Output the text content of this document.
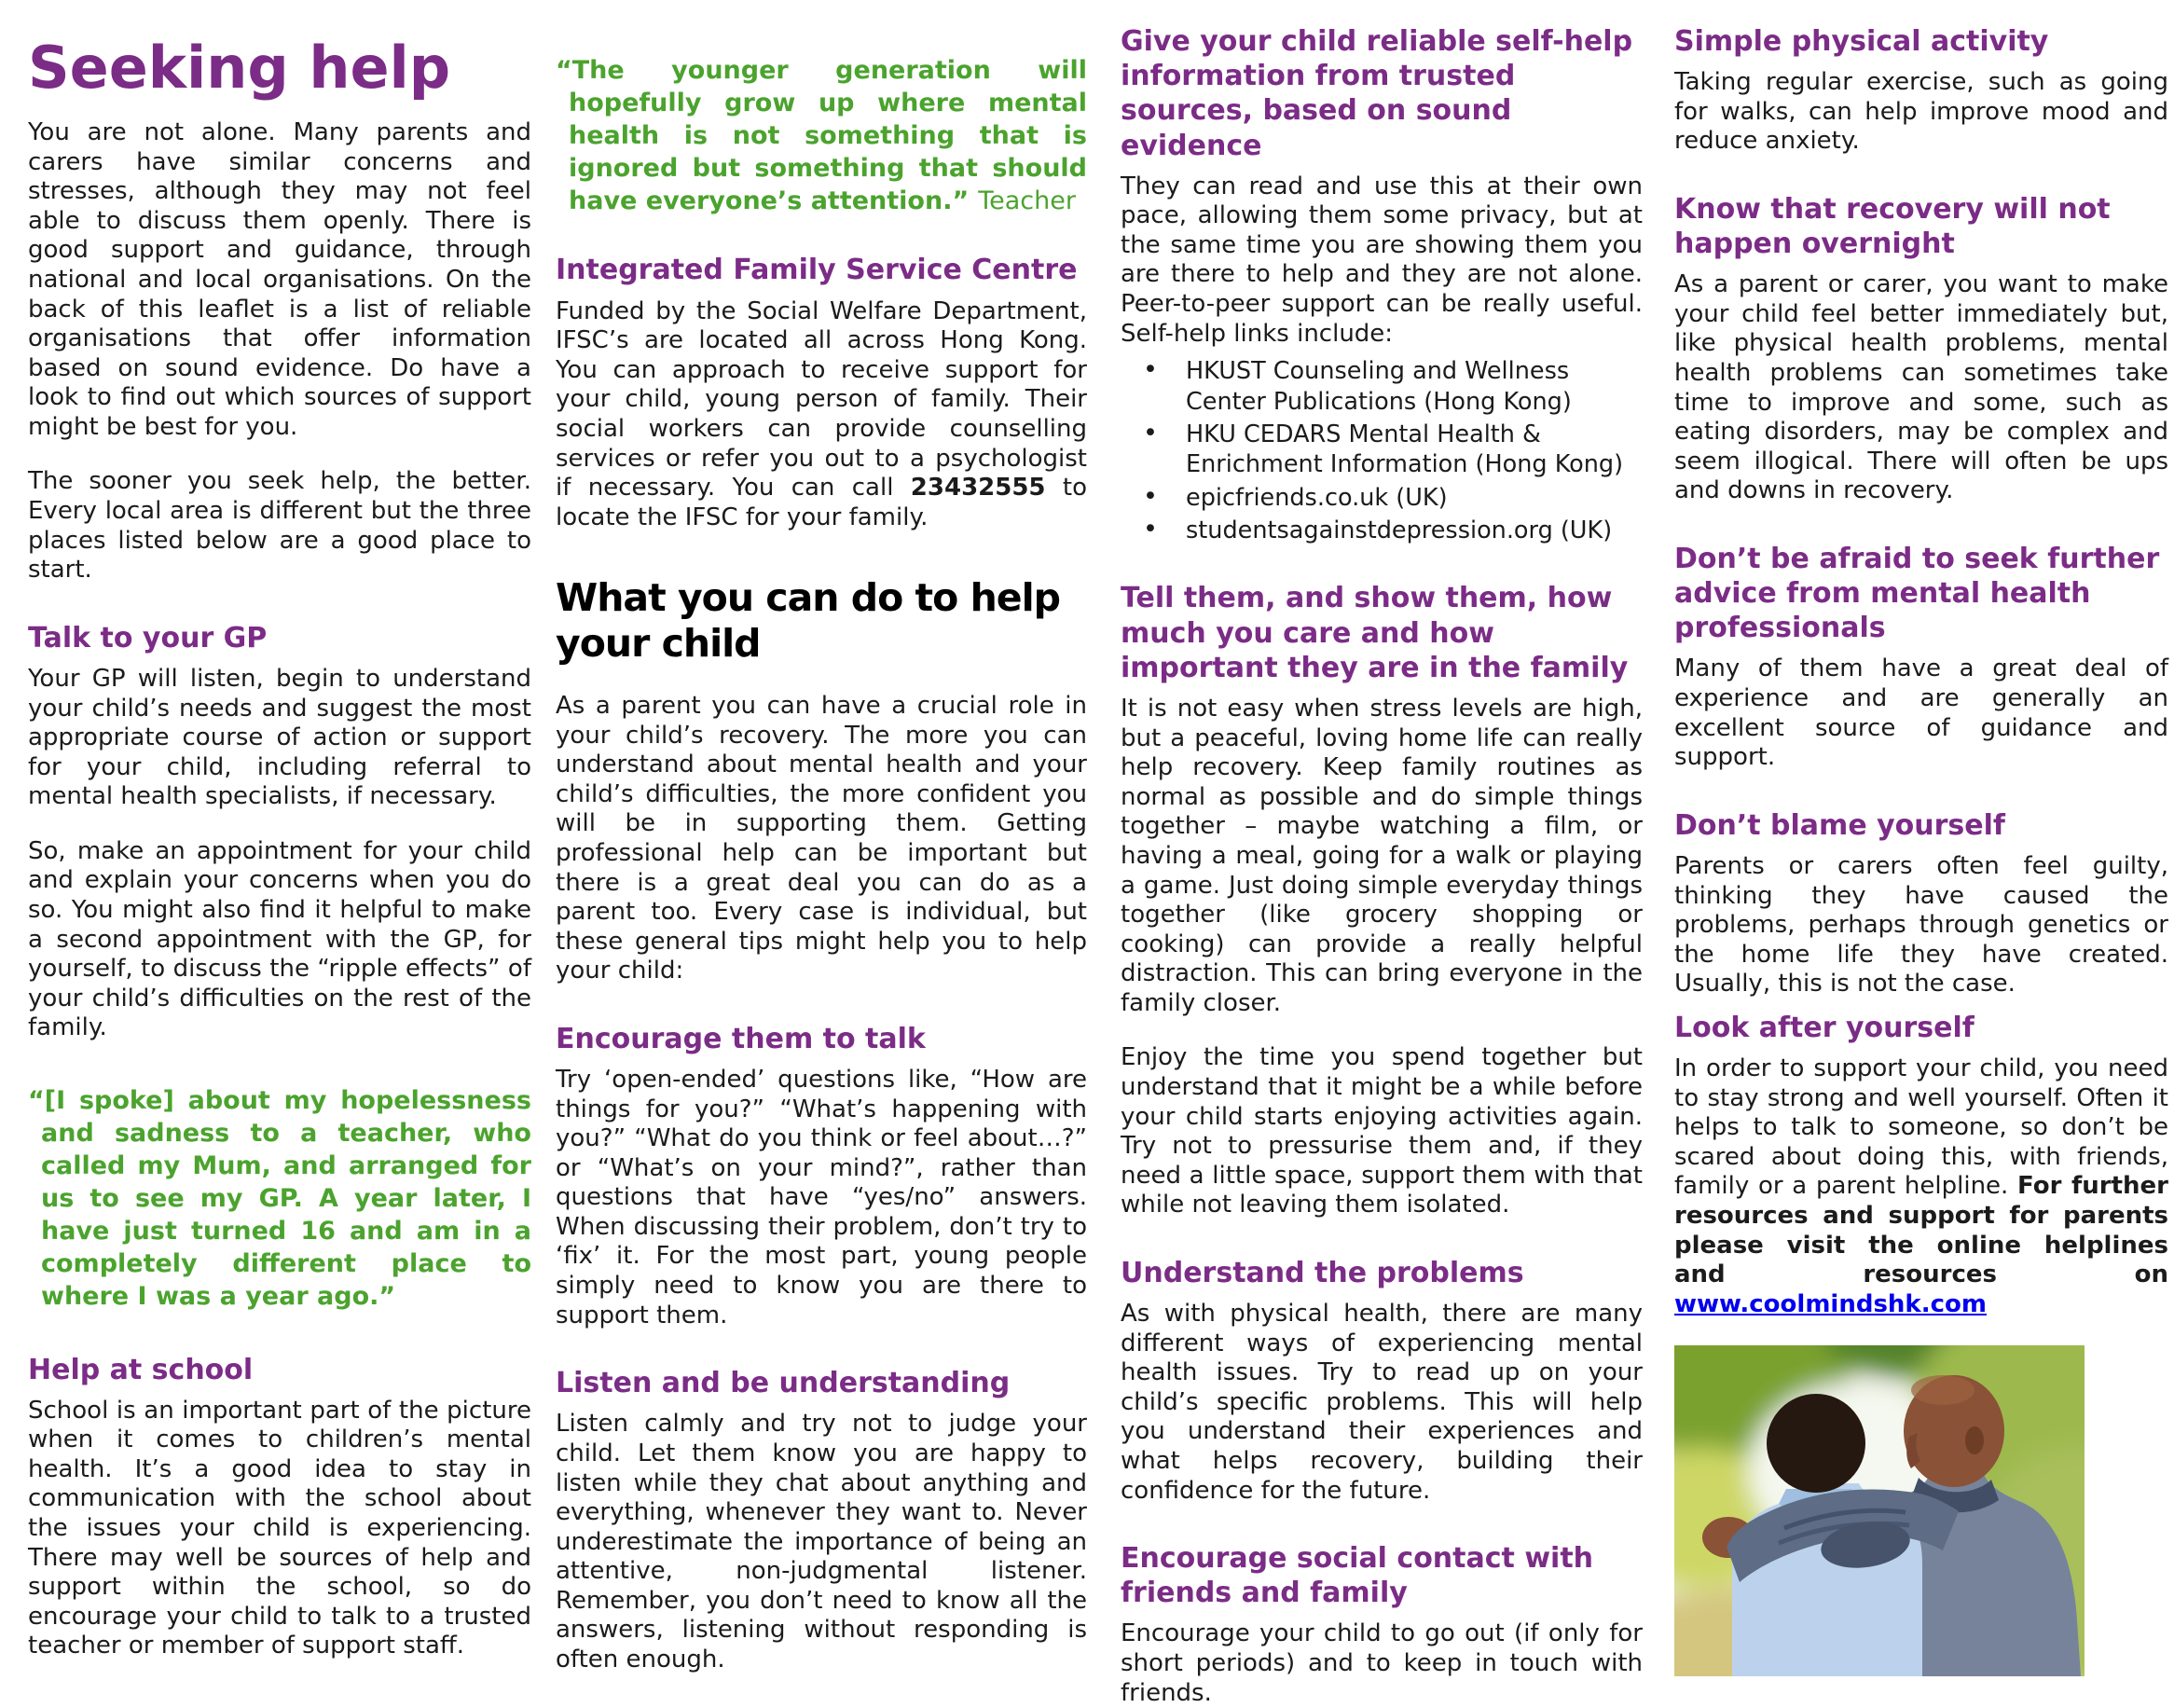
Seeking help

You are not alone. Many parents and carers have similar concerns and stresses, although they may not feel able to discuss them openly. There is good support and guidance, through national and local organisations. On the back of this leaflet is a list of reliable organisations that offer information based on sound evidence. Do have a look to find out which sources of support might be best for you.

The sooner you seek help, the better. Every local area is different but the three places listed below are a good place to start.

Talk to your GP

Your GP will listen, begin to understand your child’s needs and suggest the most appropriate course of action or support for your child, including referral to mental health specialists, if necessary.

So, make an appointment for your child and explain your concerns when you do so. You might also find it helpful to make a second appointment with the GP, for yourself, to discuss the “ripple effects” of your child’s difficulties on the rest of the family.

“[I spoke] about my hopelessness and sadness to a teacher, who called my Mum, and arranged for us to see my GP. A year later, I have just turned 16 and am in a completely different place to where I was a year ago.”

Help at school

School is an important part of the picture when it comes to children’s mental health. It’s a good idea to stay in communication with the school about the issues your child is experiencing. There may well be sources of help and support within the school, so do encourage your child to talk to a trusted teacher or member of support staff.

“The younger generation will hopefully grow up where mental health is not something that is ignored but something that should have everyone’s attention.” Teacher

Integrated Family Service Centre

Funded by the Social Welfare Department, IFSC’s are located all across Hong Kong. You can approach to receive support for your child, young person of family. Their social workers can provide counselling services or refer you out to a psychologist if necessary. You can call 23432555 to locate the IFSC for your family.

What you can do to help your child

As a parent you can have a crucial role in your child’s recovery. The more you can understand about mental health and your child’s difficulties, the more confident you will be in supporting them. Getting professional help can be important but there is a great deal you can do as a parent too. Every case is individual, but these general tips might help you to help your child:

Encourage them to talk

Try ‘open-ended’ questions like, “How are things for you?” “What’s happening with you?” “What do you think or feel about…?” or “What’s on your mind?”, rather than questions that have “yes/no” answers. When discussing their problem, don’t try to ‘fix’ it. For the most part, young people simply need to know you are there to support them.

Listen and be understanding

Listen calmly and try not to judge your child. Let them know you are happy to listen while they chat about anything and everything, whenever they want to. Never underestimate the importance of being an attentive, non-judgmental listener. Remember, you don’t need to know all the answers, listening without responding is often enough.

Give your child reliable self-help information from trusted sources, based on sound evidence

They can read and use this at their own pace, allowing them some privacy, but at the same time you are showing them you are there to help and they are not alone. Peer-to-peer support can be really useful. Self-help links include:

• HKUST Counseling and Wellness Center Publications (Hong Kong)
• HKU CEDARS Mental Health & Enrichment Information (Hong Kong)
• epicfriends.co.uk (UK)
• studentsagainstdepression.org (UK)
Tell them, and show them, how much you care and how important they are in the family

It is not easy when stress levels are high, but a peaceful, loving home life can really help recovery. Keep family routines as normal as possible and do simple things together – maybe watching a film, or having a meal, going for a walk or playing a game. Just doing simple everyday things together (like grocery shopping or cooking) can provide a really helpful distraction. This can bring everyone in the family closer.

Enjoy the time you spend together but understand that it might be a while before your child starts enjoying activities again. Try not to pressurise them and, if they need a little space, support them with that while not leaving them isolated.

Understand the problems

As with physical health, there are many different ways of experiencing mental health issues. Try to read up on your child’s specific problems. This will help you understand their experiences and what helps recovery, building their confidence for the future.

Encourage social contact with friends and family

Encourage your child to go out (if only for short periods) and to keep in touch with friends.

Simple physical activity

Taking regular exercise, such as going for walks, can help improve mood and reduce anxiety.

Know that recovery will not happen overnight

As a parent or carer, you want to make your child feel better immediately but, like physical health problems, mental health problems can sometimes take time to improve and some, such as eating disorders, may be complex and seem illogical. There will often be ups and downs in recovery.

Don’t be afraid to seek further advice from mental health professionals

Many of them have a great deal of experience and are generally an excellent source of guidance and support.

Don’t blame yourself

Parents or carers often feel guilty, thinking they have caused the problems, perhaps through genetics or the home life they have created. Usually, this is not the case.

Look after yourself

In order to support your child, you need to stay strong and well yourself. Often it helps to talk to someone, so don’t be scared about doing this, with friends, family or a parent helpline. For further resources and support for parents please visit the online helplines and resources on www.coolmindshk.com
